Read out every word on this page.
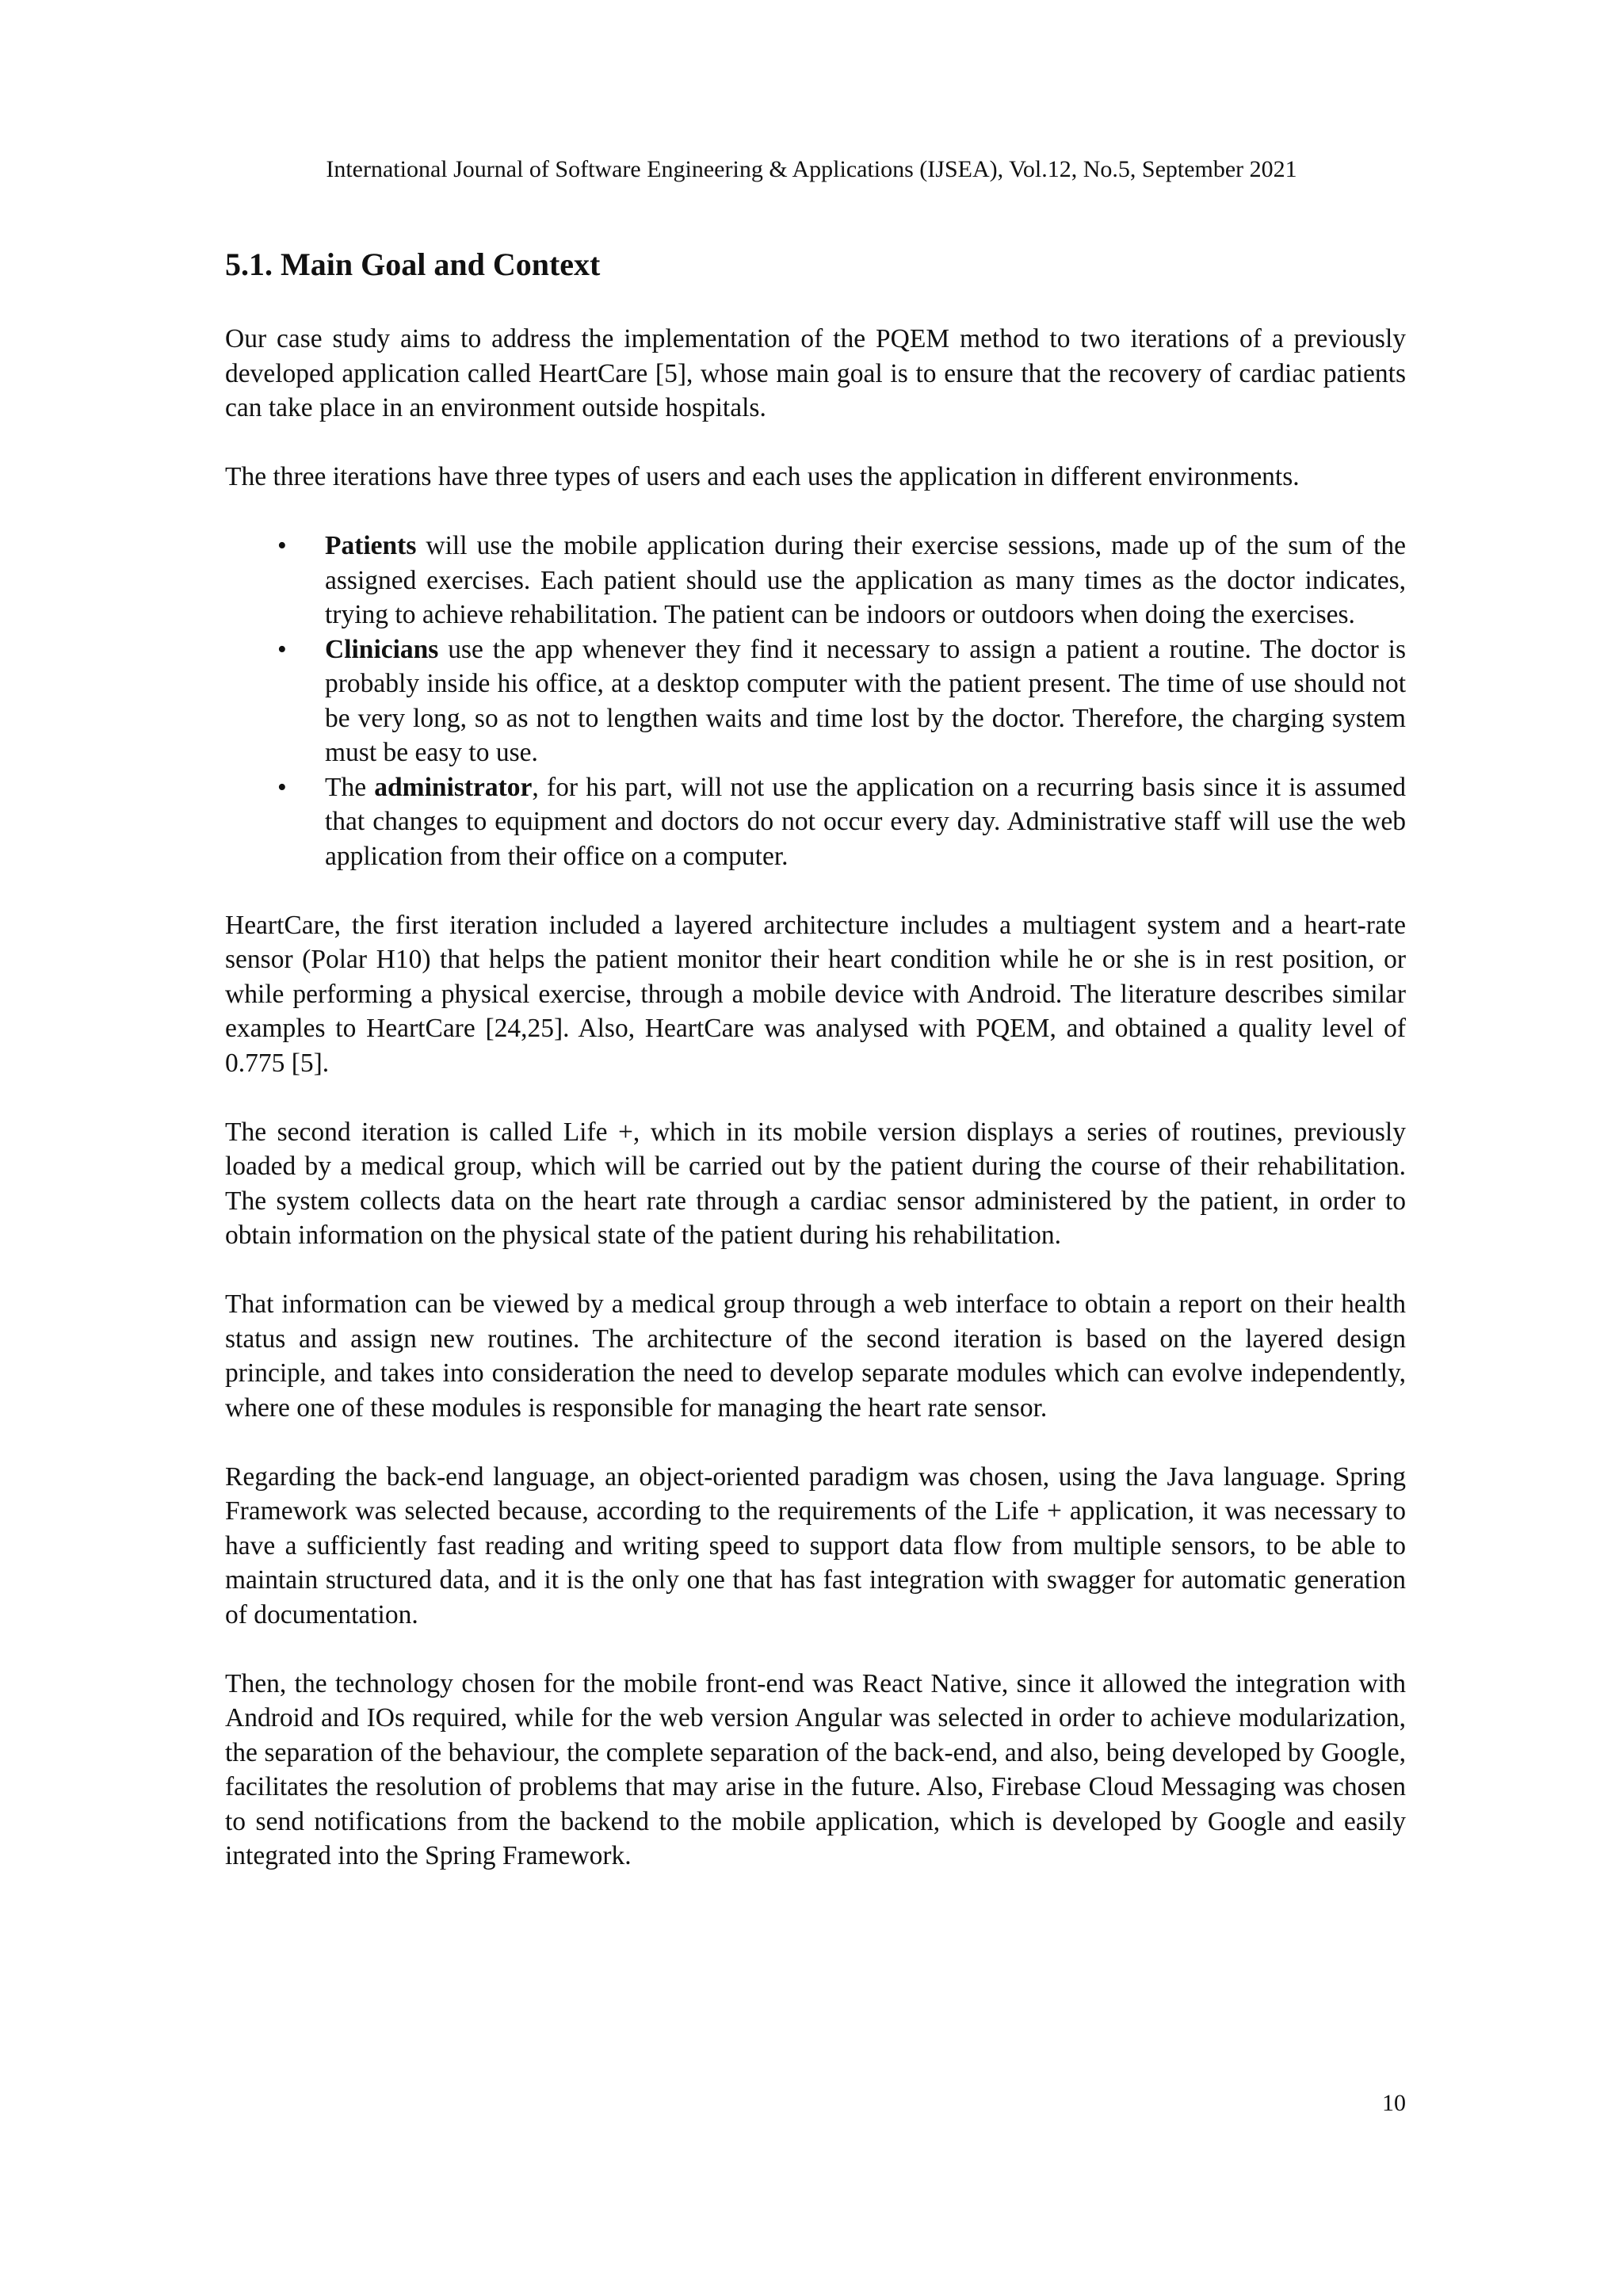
International Journal of Software Engineering & Applications (IJSEA), Vol.12, No.5, September 2021
5.1. Main Goal and Context

Our case study aims to address the implementation of the PQEM method to two iterations of a previously developed application called HeartCare [5], whose main goal is to ensure that the recovery of cardiac patients can take place in an environment outside hospitals.

The three iterations have three types of users and each uses the application in different environments.

• Patients will use the mobile application during their exercise sessions, made up of the sum of the assigned exercises. Each patient should use the application as many times as the doctor indicates, trying to achieve rehabilitation. The patient can be indoors or outdoors when doing the exercises.
• Clinicians use the app whenever they find it necessary to assign a patient a routine. The doctor is probably inside his office, at a desktop computer with the patient present. The time of use should not be very long, so as not to lengthen waits and time lost by the doctor. Therefore, the charging system must be easy to use.
• The administrator, for his part, will not use the application on a recurring basis since it is assumed that changes to equipment and doctors do not occur every day. Administrative staff will use the web application from their office on a computer.

HeartCare, the first iteration included a layered architecture includes a multiagent system and a heart-rate sensor (Polar H10) that helps the patient monitor their heart condition while he or she is in rest position, or while performing a physical exercise, through a mobile device with Android. The literature describes similar examples to HeartCare [24,25]. Also, HeartCare was analysed with PQEM, and obtained a quality level of 0.775 [5].

The second iteration is called Life +, which in its mobile version displays a series of routines, previously loaded by a medical group, which will be carried out by the patient during the course of their rehabilitation. The system collects data on the heart rate through a cardiac sensor administered by the patient, in order to obtain information on the physical state of the patient during his rehabilitation.

That information can be viewed by a medical group through a web interface to obtain a report on their health status and assign new routines. The architecture of the second iteration is based on the layered design principle, and takes into consideration the need to develop separate modules which can evolve independently, where one of these modules is responsible for managing the heart rate sensor.

Regarding the back-end language, an object-oriented paradigm was chosen, using the Java language. Spring Framework was selected because, according to the requirements of the Life + application, it was necessary to have a sufficiently fast reading and writing speed to support data flow from multiple sensors, to be able to maintain structured data, and it is the only one that has fast integration with swagger for automatic generation of documentation.

Then, the technology chosen for the mobile front-end was React Native, since it allowed the integration with Android and IOs required, while for the web version Angular was selected in order to achieve modularization, the separation of the behaviour, the complete separation of the back-end, and also, being developed by Google, facilitates the resolution of problems that may arise in the future. Also, Firebase Cloud Messaging was chosen to send notifications from the backend to the mobile application, which is developed by Google and easily integrated into the Spring Framework.

10
